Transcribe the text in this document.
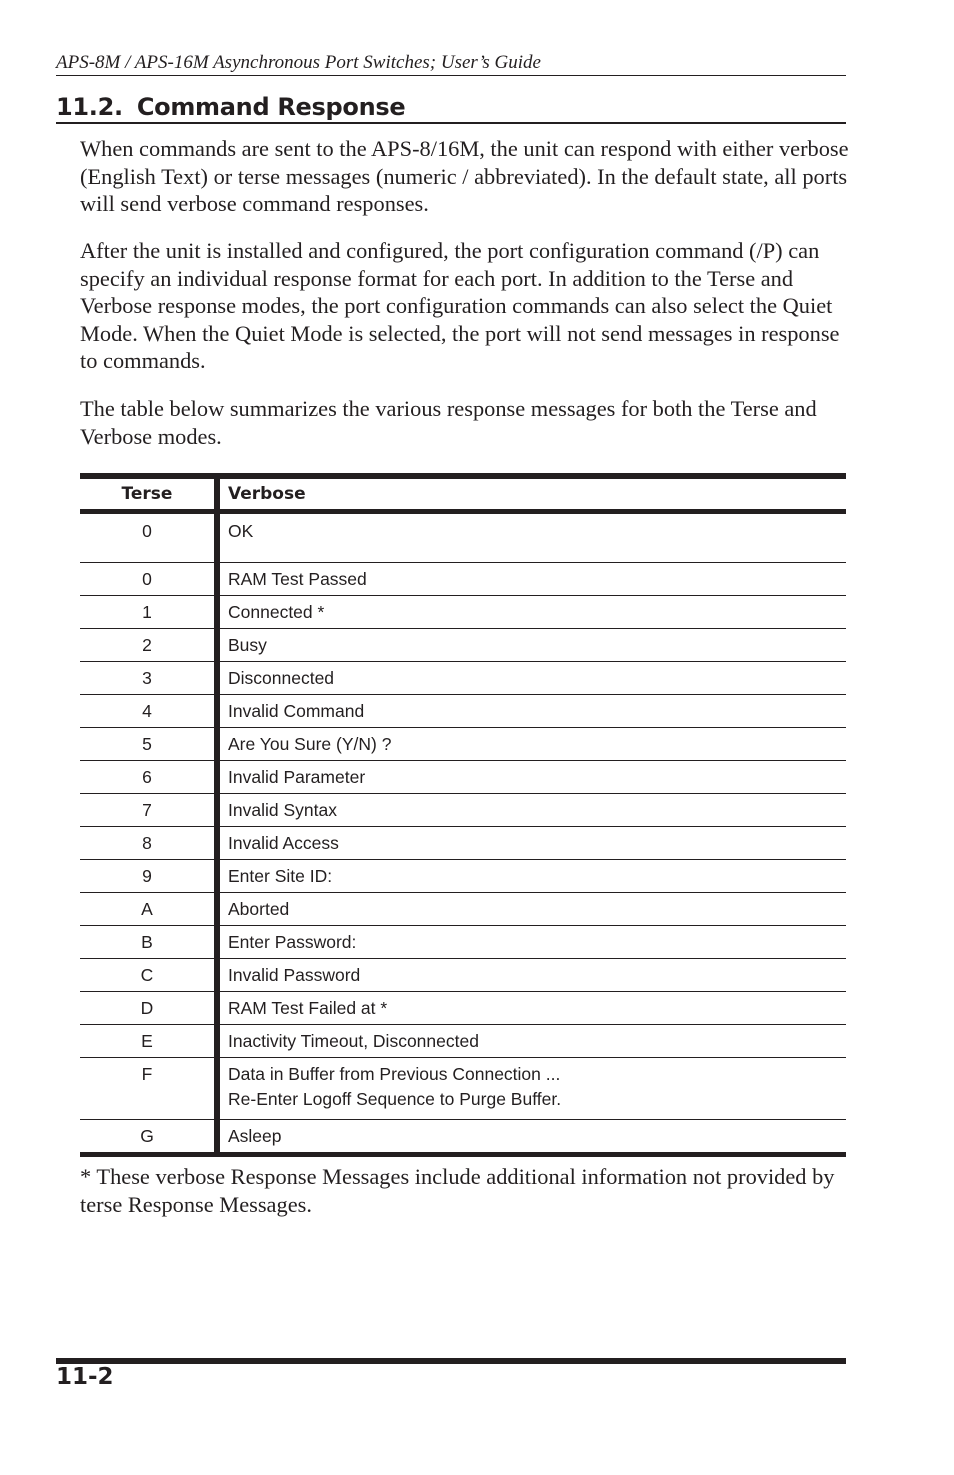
APS-8M / APS-16M Asynchronous Port Switches; User’s Guide
11.2. Command Response

When commands are sent to the APS-8/16M, the unit can respond with either verbose (English Text) or terse messages (numeric / abbreviated). In the default state, all ports will send verbose command responses.

After the unit is installed and configured, the port configuration command (/P) can specify an individual response format for each port. In addition to the Terse and Verbose response modes, the port configuration commands can also select the Quiet Mode. When the Quiet Mode is selected, the port will not send messages in response to commands.

The table below summarizes the various response messages for both the Terse and Verbose modes.

Terse	Verbose
0	OK
0	RAM Test Passed
1	Connected *
2	Busy
3	Disconnected
4	Invalid Command
5	Are You Sure (Y/N) ?
6	Invalid Parameter
7	Invalid Syntax
8	Invalid Access
9	Enter Site ID:
A	Aborted
B	Enter Password:
C	Invalid Password
D	RAM Test Failed at *
E	Inactivity Timeout, Disconnected
F	Data in Buffer from Previous Connection ...
Re-Enter Logoff Sequence to Purge Buffer.

G	Asleep

* These verbose Response Messages include additional information not provided by terse Response Messages.

11-2
